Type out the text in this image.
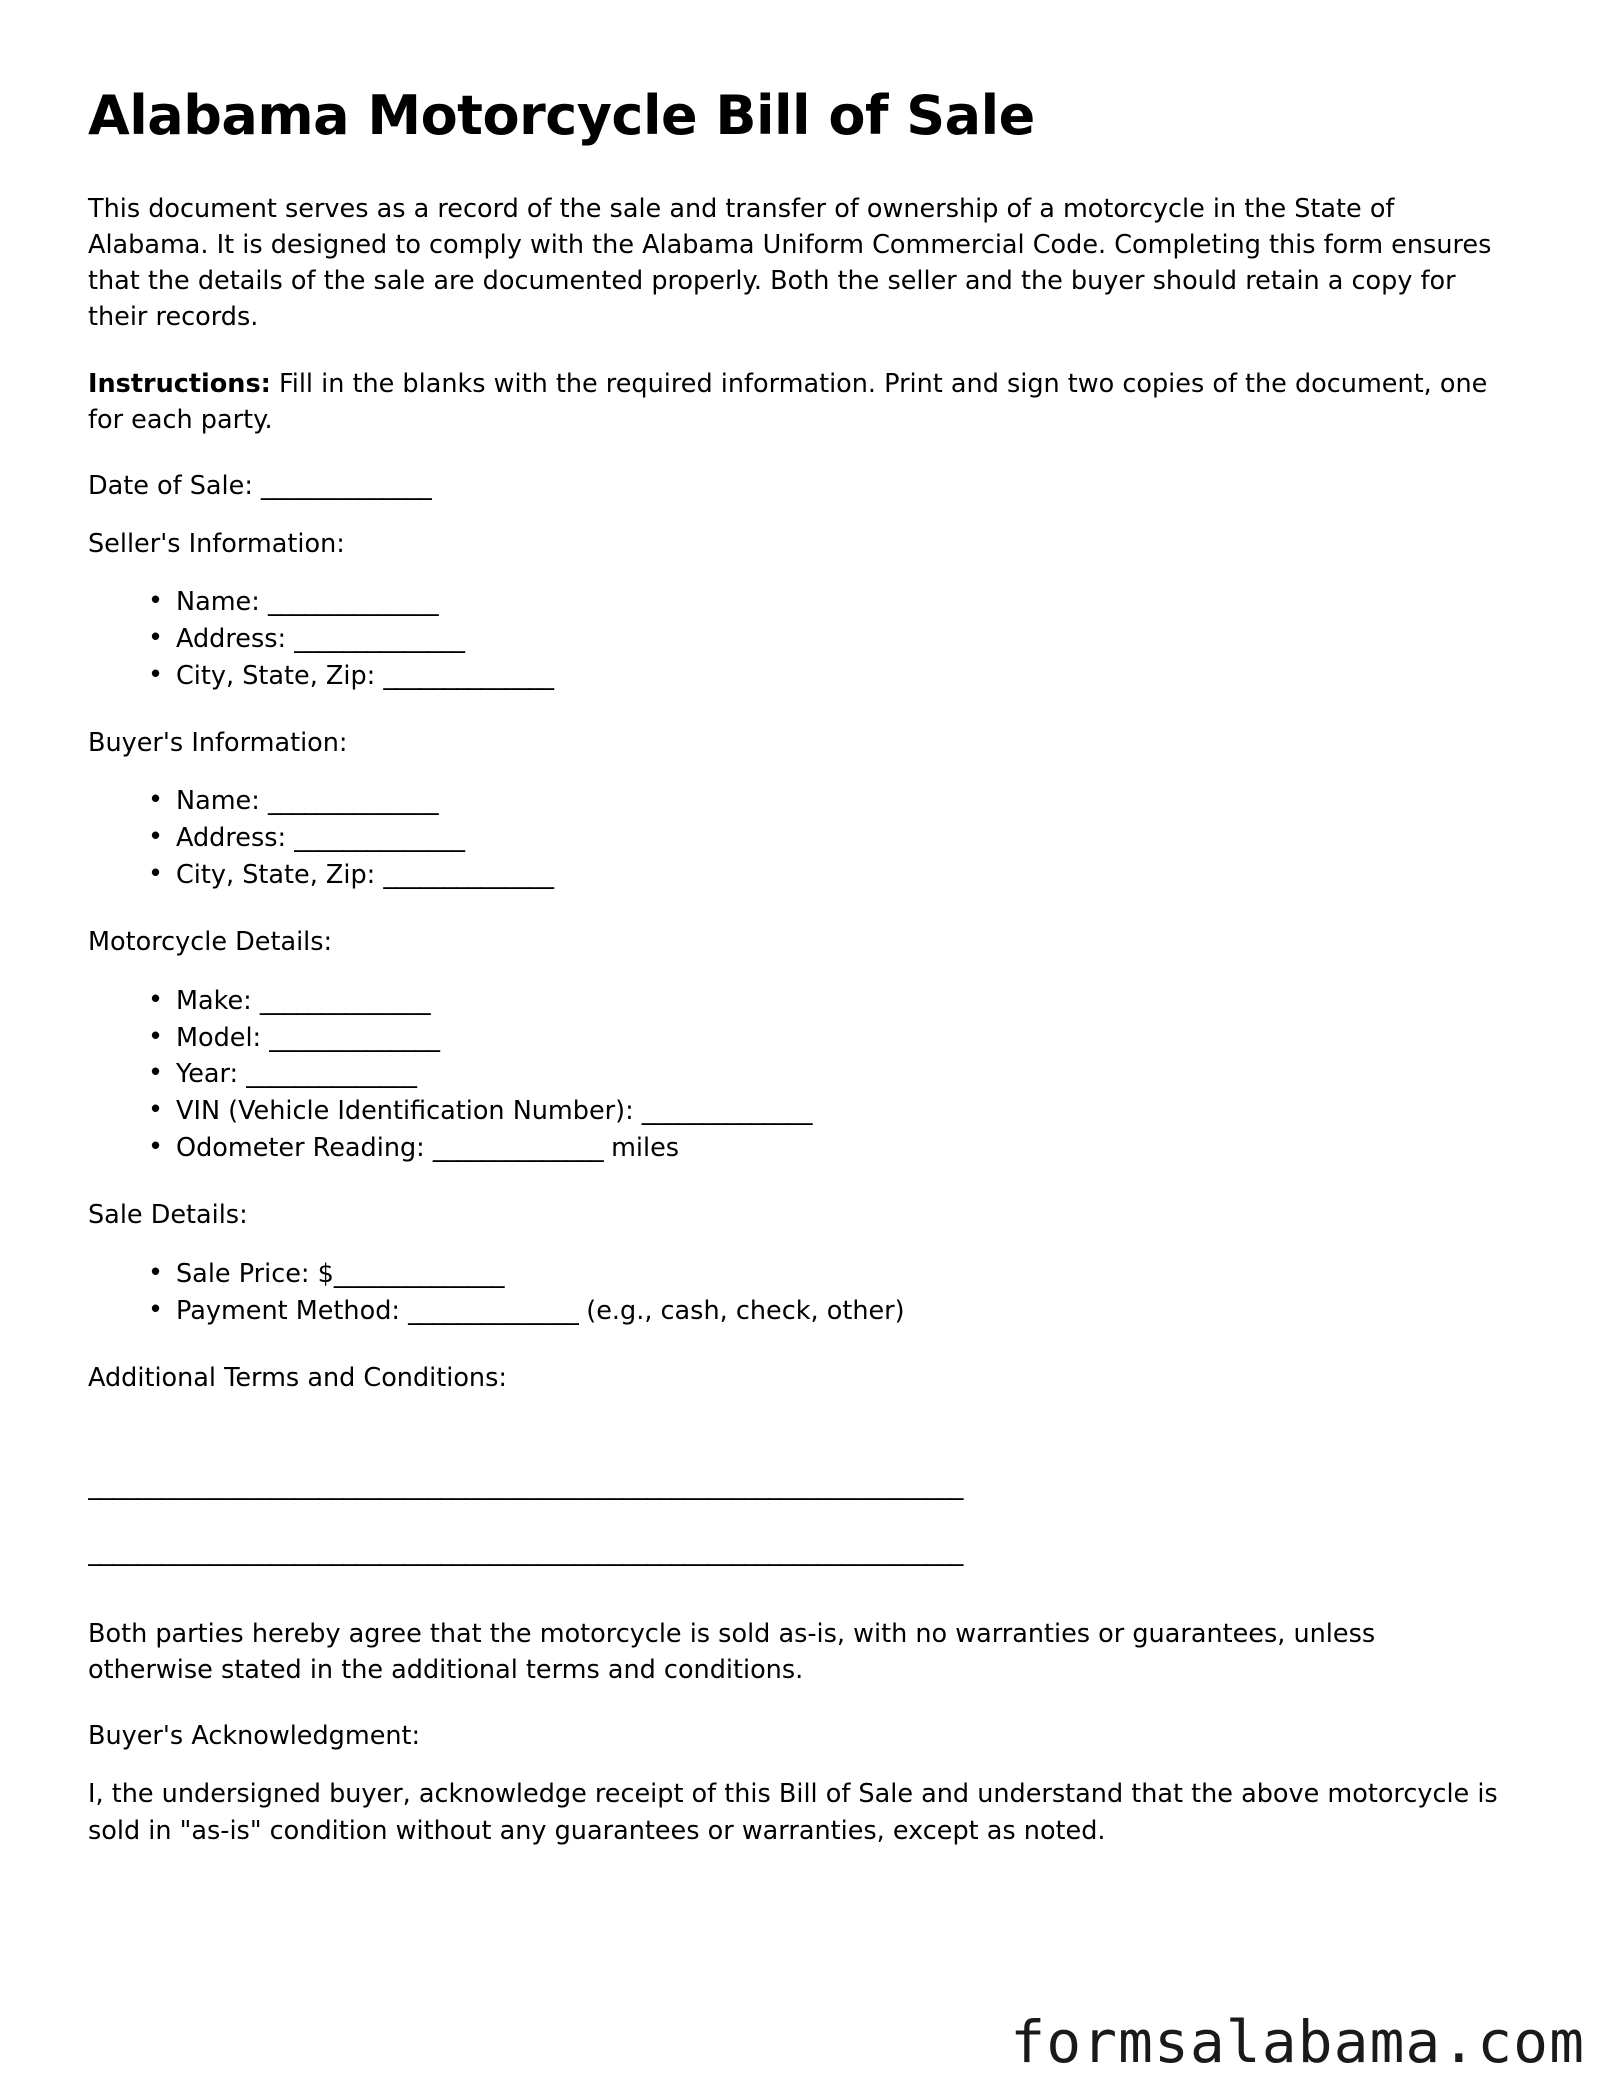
Alabama Motorcycle Bill of Sale

This document serves as a record of the sale and transfer of ownership of a motorcycle in the State of Alabama. It is designed to comply with the Alabama Uniform Commercial Code. Completing this form ensures that the details of the sale are documented properly. Both the seller and the buyer should retain a copy for their records.

Instructions: Fill in the blanks with the required information. Print and sign two copies of the document, one for each party.

Date of Sale: ______________

Seller's Information:

• Name: ______________
• Address: ______________
• City, State, Zip: ______________

Buyer's Information:

• Name: ______________
• Address: ______________
• City, State, Zip: ______________

Motorcycle Details:

• Make: ______________
• Model: ______________
• Year: ______________
• VIN (Vehicle Identification Number): ______________
• Odometer Reading: ______________ miles

Sale Details:

• Sale Price: $______________
• Payment Method: ______________ (e.g., cash, check, other)

Additional Terms and Conditions:

________________________________________________________________________
________________________________________________________________________

Both parties hereby agree that the motorcycle is sold as-is, with no warranties or guarantees, unless otherwise stated in the additional terms and conditions.

Buyer's Acknowledgment:

I, the undersigned buyer, acknowledge receipt of this Bill of Sale and understand that the above motorcycle is sold in "as-is" condition without any guarantees or warranties, except as noted.

formsalabama.com
